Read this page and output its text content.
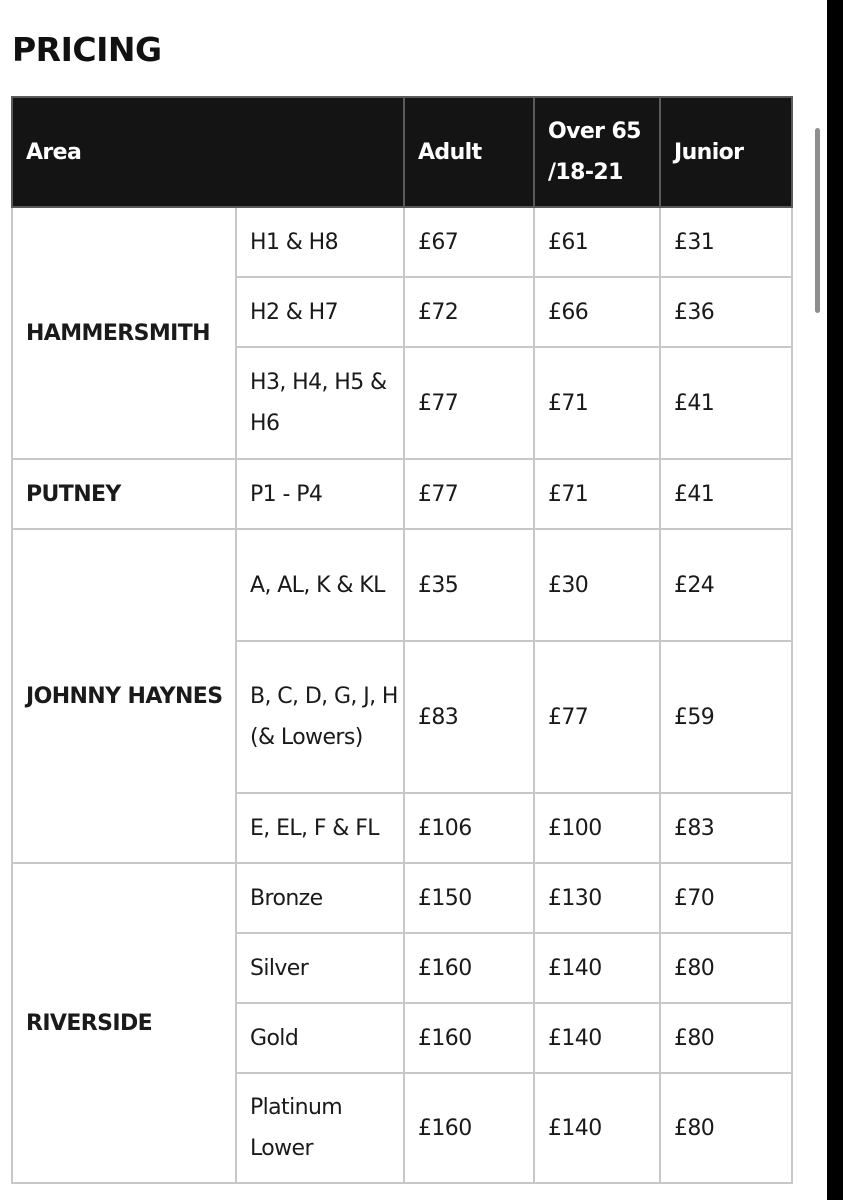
PRICING
Area		Adult	Over 65 /18-21	Junior
HAMMERSMITH	H1 & H8	£67	£61	£31
	H2 & H7	£72	£66	£36
	H3, H4, H5 & H6	£77	£71	£41
PUTNEY	P1 - P4	£77	£71	£41
JOHNNY HAYNES	A, AL, K & KL	£35	£30	£24
	B, C, D, G, J, H (& Lowers)	£83	£77	£59
	E, EL, F & FL	£106	£100	£83
RIVERSIDE	Bronze	£150	£130	£70
	Silver	£160	£140	£80
	Gold	£160	£140	£80
	Platinum Lower	£160	£140	£80
